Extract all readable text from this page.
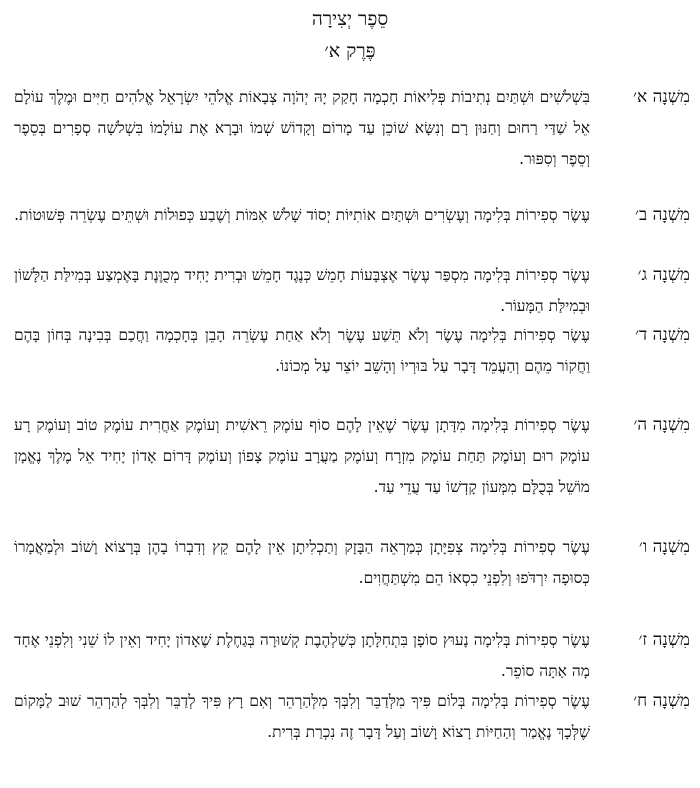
סֵפֶר יְצִירָה
פֶּרֶק א׳
מִשְׁנָה א׳
בִּשְׁלֹשִׁים וּשְׁתַּיִם נְתִיבוֹת פְּלִיאוֹת חָכְמָה חָקַק יָהּ יְהֹוָה צְבָאוֹת אֱלֹהֵי יִשְׂרָאֵל אֱלֹהִים חַיִּים וּמֶלֶךְ עוֹלָם אֵל שַׁדַּי רַחוּם וְחַנּוּן רָם וְנִשָּׂא שׁוֹכֵן עַד מָרוֹם וְקָדוֹשׁ שְׁמוֹ וּבָרָא אֶת עוֹלָמוֹ בִּשְׁלֹשָׁה סְפָרִים בְּסֵפֶר וְסֵפֶר וְסִפּוּר.
מִשְׁנָה ב׳
עֶשֶׂר סְפִירוֹת בְּלִימָה וְעֶשְׂרִים וּשְׁתַּיִם אוֹתִיּוֹת יְסוֹד שָׁלֹשׁ אִמּוֹת וְשֶׁבַע כְּפוּלוֹת וּשְׁתֵּים עֶשְׂרֵה פְּשׁוּטוֹת.
מִשְׁנָה ג׳
עֶשֶׂר סְפִירוֹת בְּלִימָה מִסְפַּר עֶשֶׂר אֶצְבָּעוֹת חָמֵשׁ כְּנֶגֶד חָמֵשׁ וּבְרִית יָחִיד מְכֻוֶּנֶת בָּאֶמְצַע בְּמִילַּת הַלָּשׁוֹן וּבְמִילַּת הַמָּעוֹר.
מִשְׁנָה ד׳
עֶשֶׂר סְפִירוֹת בְּלִימָה עֶשֶׂר וְלֹא תֵּשַׁע עֶשֶׂר וְלֹא אַחַת עֶשְׂרֵה הָבֵן בְּחָכְמָה וַחֲכַם בְּבִינָה בְּחוֹן בָּהֶם וַחֲקוֹר מֵהֶם וְהַעֲמֵד דָּבָר עַל בּוּרְיוֹ וְהָשֵׁב יוֹצֵר עַל מְכוֹנוֹ.
מִשְׁנָה ה׳
עֶשֶׂר סְפִירוֹת בְּלִימָה מִדָּתָן עֶשֶׂר שֶׁאֵין לָהֶם סוֹף עוֹמֶק רֵאשִׁית וְעוֹמֶק אַחֲרִית עוֹמֶק טוֹב וְעוֹמֶק רָע עוֹמֶק רוּם וְעוֹמֶק תַּחַת עוֹמֶק מִזְרָח וְעוֹמֶק מַעֲרָב עוֹמֶק צָפוֹן וְעוֹמֶק דָּרוֹם אָדוֹן יָחִיד אֵל מֶלֶךְ נֶאֱמָן מוֹשֵׁל בְּכֻלָּם מִמְּעוֹן קָדְשׁוֹ עַד עֲדֵי עַד.
מִשְׁנָה ו׳
עֶשֶׂר סְפִירוֹת בְּלִימָה צְפִיָּתָן כְּמַרְאֵה הַבָּזָק וְתַכְלִיתָן אֵין לָהֶם קֵץ וְדִבְרוֹ בָהֶן בְּרָצוֹא וָשׁוֹב וּלְמַאֲמָרוֹ כְּסוּפָה יִרְדֹּפוּ וְלִפְנֵי כִסְאוֹ הֵם מִשְׁתַּחֲוִים.
מִשְׁנָה ז׳
עֶשֶׂר סְפִירוֹת בְּלִימָה נָעוּץ סוֹפָן בִּתְחִלָּתָן כְּשַׁלְהֶבֶת קְשׁוּרָה בְּגַחֶלֶת שֶׁאָדוֹן יָחִיד וְאֵין לוֹ שֵׁנִי וְלִפְנֵי אֶחָד מָה אַתָּה סוֹפֵר.
מִשְׁנָה ח׳
עֶשֶׂר סְפִירוֹת בְּלִימָה בְּלוֹם פִּיךָ מִלְּדַבֵּר וְלִבְּךָ מִלְּהַרְהֵר וְאִם רָץ פִּיךָ לְדַבֵּר וְלִבְּךָ לְהַרְהֵר שׁוּב לַמָּקוֹם שֶׁלְּכָךְ נֶאֱמַר וְהַחַיּוֹת רָצוֹא וָשׁוֹב וְעַל דָּבָר זֶה נִכְרַת בְּרִית.
